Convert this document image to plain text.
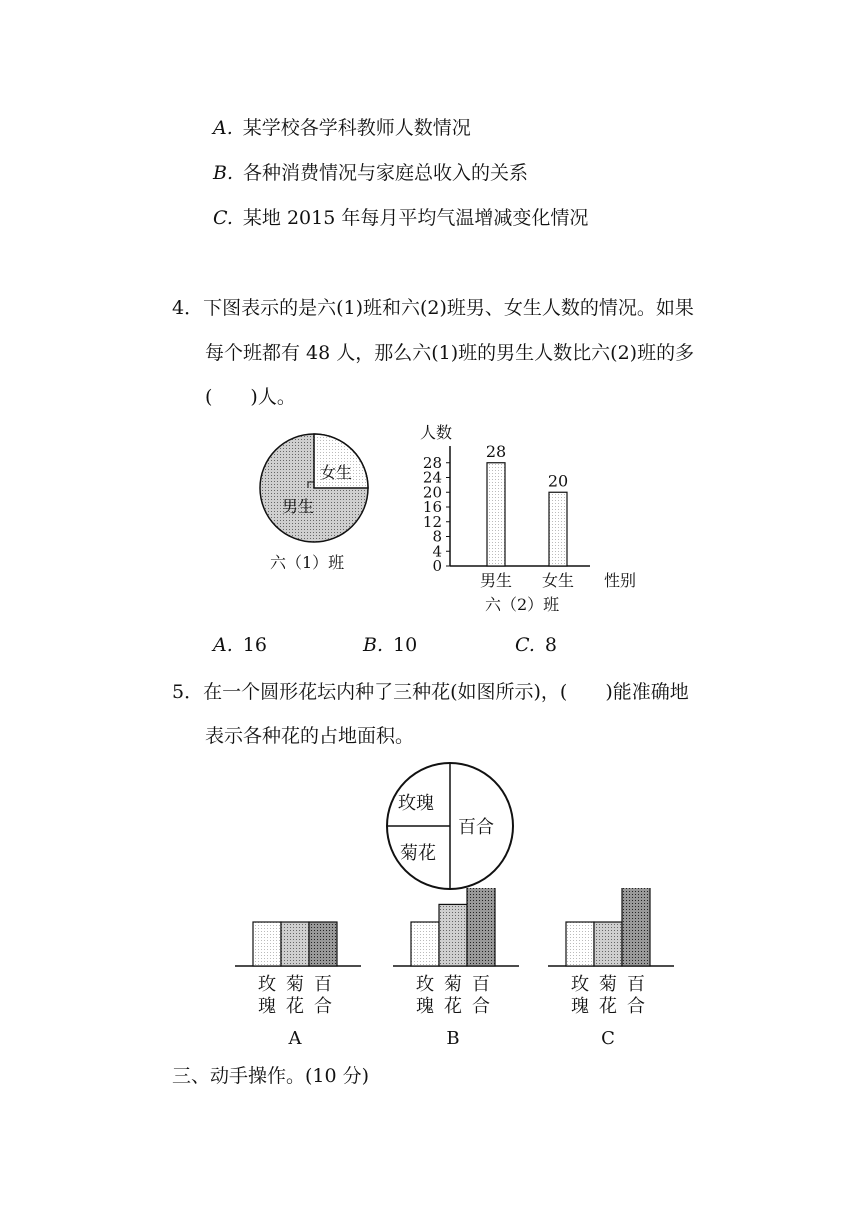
A. 某学校各学科教师人数情况
B. 各种消费情况与家庭总收入的关系
C. 某地 2015 年每月平均气温增减变化情况
4．下图表示的是六(1)班和六(2)班男、女生人数的情况。如果
每个班都有 48 人，那么六(1)班的男生人数比六(2)班的多
(　　)人。
女生
男生
六（1）班
人数
性别
六（2）班
0
4
8
12
16
20
24
28
28
男生
20
女生
A. 16	B. 10	C. 8
5．在一个圆形花坛内种了三种花(如图所示)，(　　)能准确地
表示各种花的占地面积。
玫瑰
菊花
百合
玫
瑰
菊
花
百
合
A
玫
瑰
菊
花
百
合
B
玫
瑰
菊
花
百
合
C
三、动手操作。(10 分)
